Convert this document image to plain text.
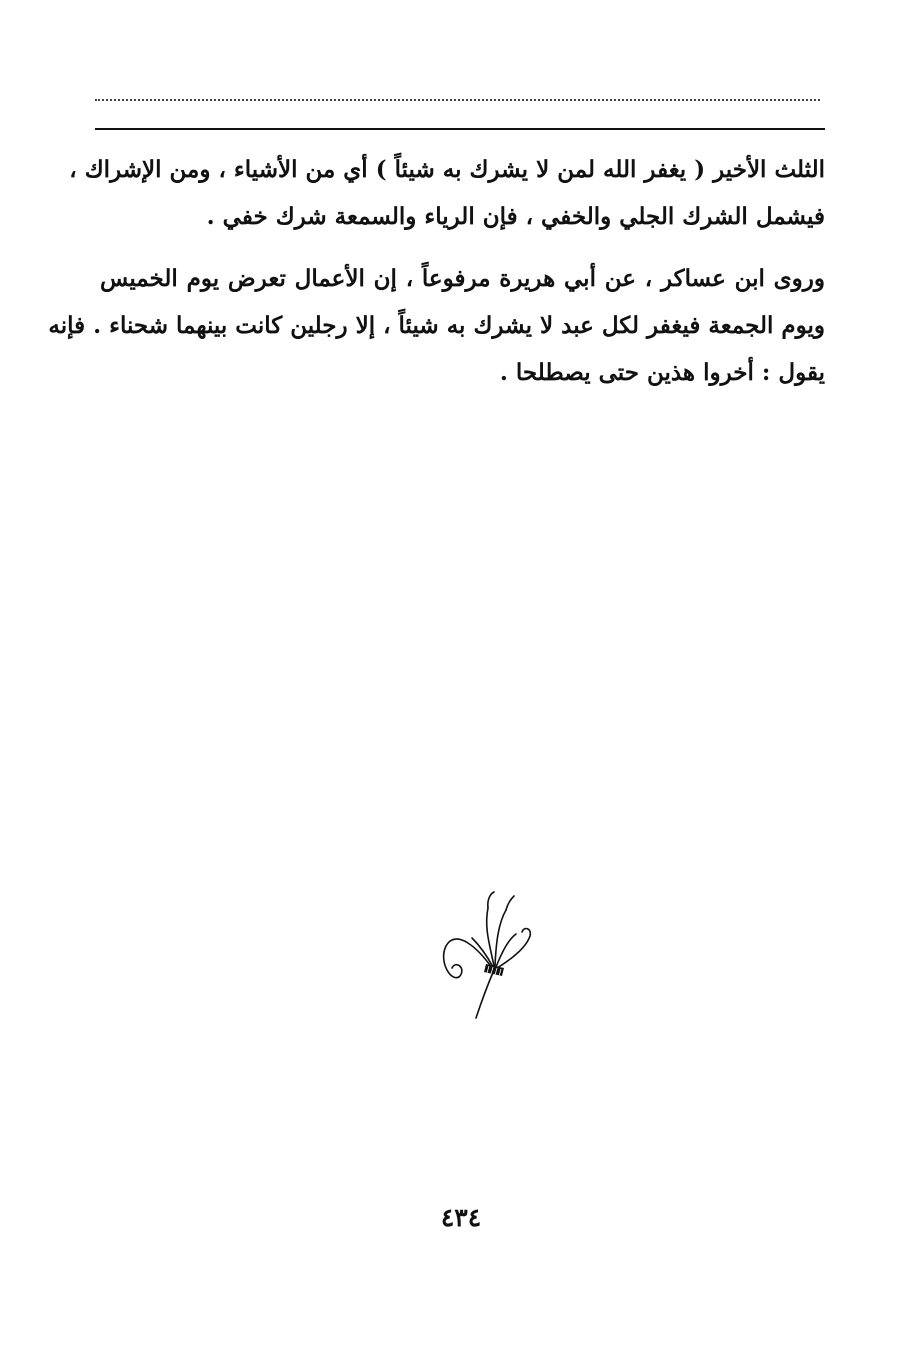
الثلث الأخير ( يغفر الله لمن لا يشرك به شيئاً ) أي من الأشياء ، ومن الإشراك ،
فيشمل الشرك الجلي والخفي ، فإن الرياء والسمعة شرك خفي .
وروى ابن عساكر ، عن أبي هريرة مرفوعاً ، إن الأعمال تعرض يوم الخميس
ويوم الجمعة فيغفر لكل عبد لا يشرك به شيئاً ، إلا رجلين كانت بينهما شحناء . فإنه
يقول : أخروا هذين حتى يصطلحا .
٤٣٤
